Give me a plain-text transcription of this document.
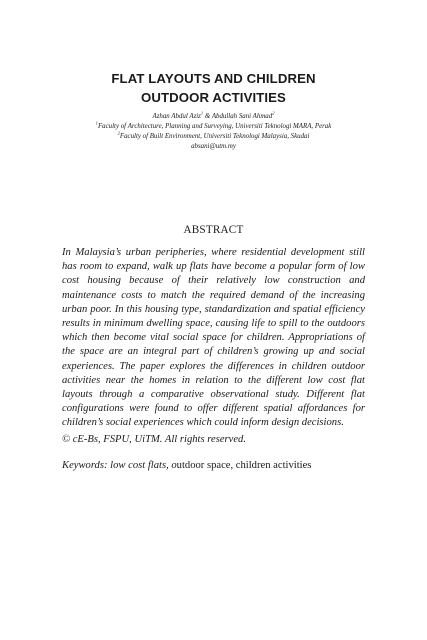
FLAT LAYOUTS AND CHILDREN
OUTDOOR ACTIVITIES
Azhan Abdul Aziz$^1$ & Abdullah Sani Ahmad$^2$
$^1$Faculty of Architecture, Planning and Surveying, Universiti Teknologi MARA, Perak
$^2$Faculty of Built Environment, Universiti Teknologi Malaysia, Skudai
absani@utm.my
ABSTRACT

In Malaysia’s urban peripheries, where residential development still has room to expand, walk up flats have become a popular form of low cost housing because of their relatively low construction and maintenance costs to match the required demand of the increasing urban poor. In this housing type, standardization and spatial efficiency results in minimum dwelling space, causing life to spill to the outdoors which then become vital social space for children. Appropriations of the space are an integral part of children’s growing up and social experiences. The paper explores the differences in children outdoor activities near the homes in relation to the different low cost flat layouts through a comparative observational study. Different flat configurations were found to offer different spatial affordances for children’s social experiences which could inform design decisions.

© cE-Bs, FSPU, UiTM. All rights reserved.
Keywords: low cost flats, outdoor space, children activities
